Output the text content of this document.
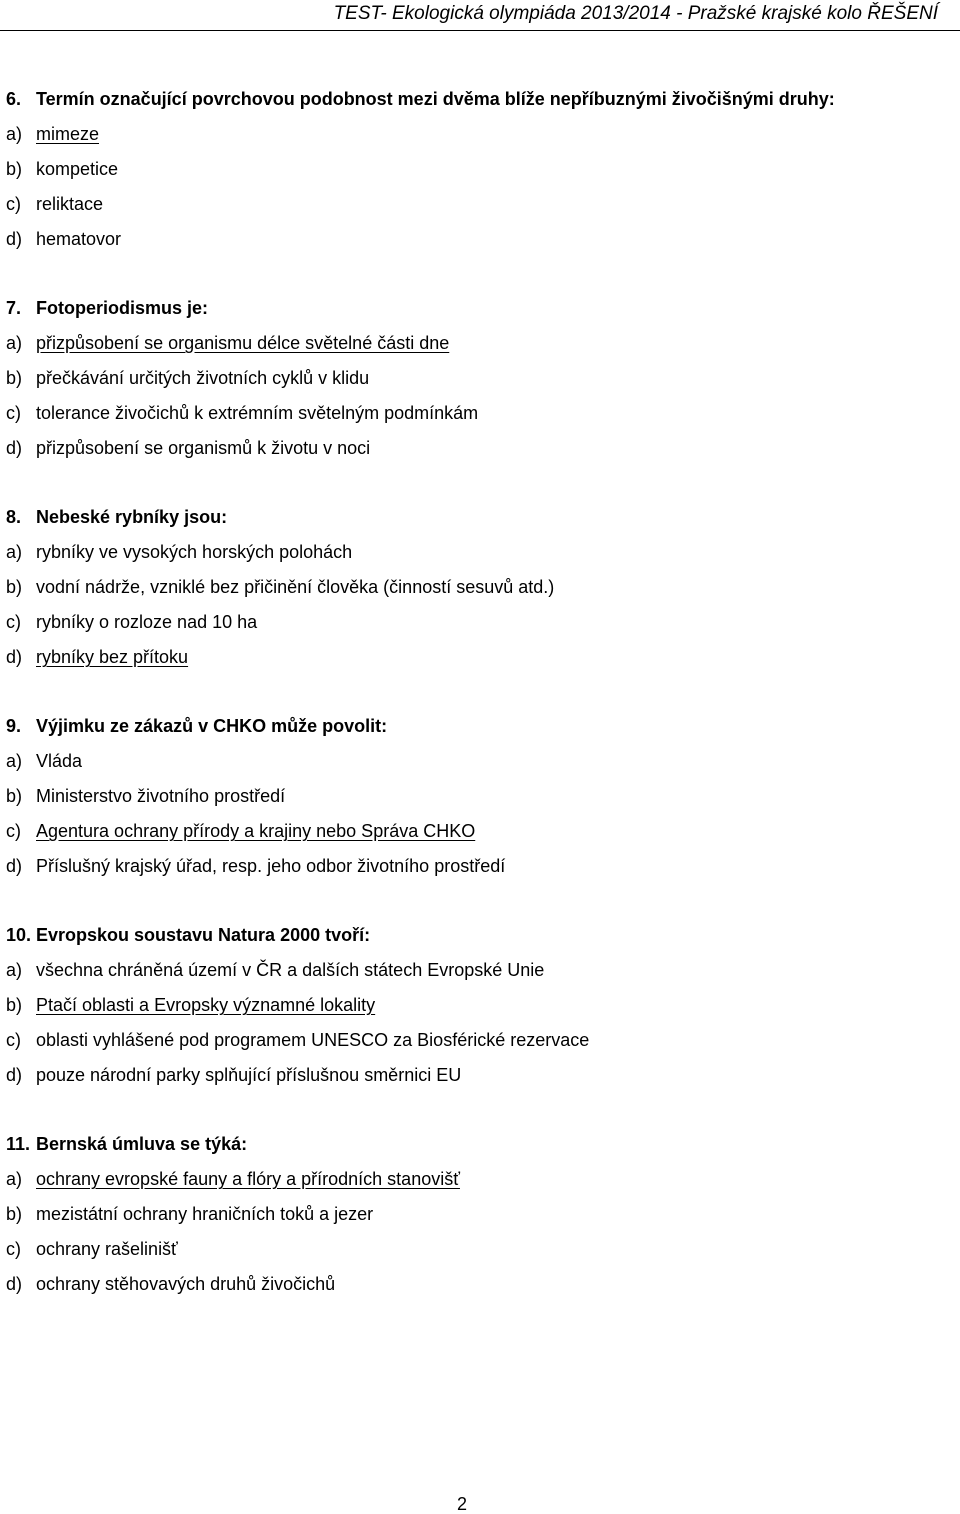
TEST- Ekologická olympiáda 2013/2014 - Pražské krajské kolo ŘEŠENÍ
6. Termín označující povrchovou podobnost mezi dvěma blíže nepříbuznými živočišnými druhy:
a) mimeze
b) kompetice
c) reliktace
d) hematovor
7. Fotoperiodismus je:
a) přizpůsobení se organismu délce světelné části dne
b) přečkávání určitých životních cyklů v klidu
c) tolerance živočichů k extrémním světelným podmínkám
d) přizpůsobení se organismů k životu v noci
8. Nebeské rybníky jsou:
a) rybníky ve vysokých horských polohách
b) vodní nádrže, vzniklé bez přičinění člověka (činností sesuvů atd.)
c) rybníky o rozloze nad 10 ha
d) rybníky bez přítoku
9. Výjimku ze zákazů v CHKO může povolit:
a) Vláda
b) Ministerstvo životního prostředí
c) Agentura ochrany přírody a krajiny nebo Správa CHKO
d) Příslušný krajský úřad, resp. jeho odbor životního prostředí
10. Evropskou soustavu Natura 2000 tvoří:
a) všechna chráněná území v ČR a dalších státech Evropské Unie
b) Ptačí oblasti a Evropsky významné lokality
c) oblasti vyhlášené pod programem UNESCO za Biosférické rezervace
d) pouze národní parky splňující příslušnou směrnici EU
11. Bernská úmluva se týká:
a) ochrany evropské fauny a flóry a přírodních stanovišť
b) mezistátní ochrany hraničních toků a jezer
c) ochrany rašelinišť
d) ochrany stěhovavých druhů živočichů
2
